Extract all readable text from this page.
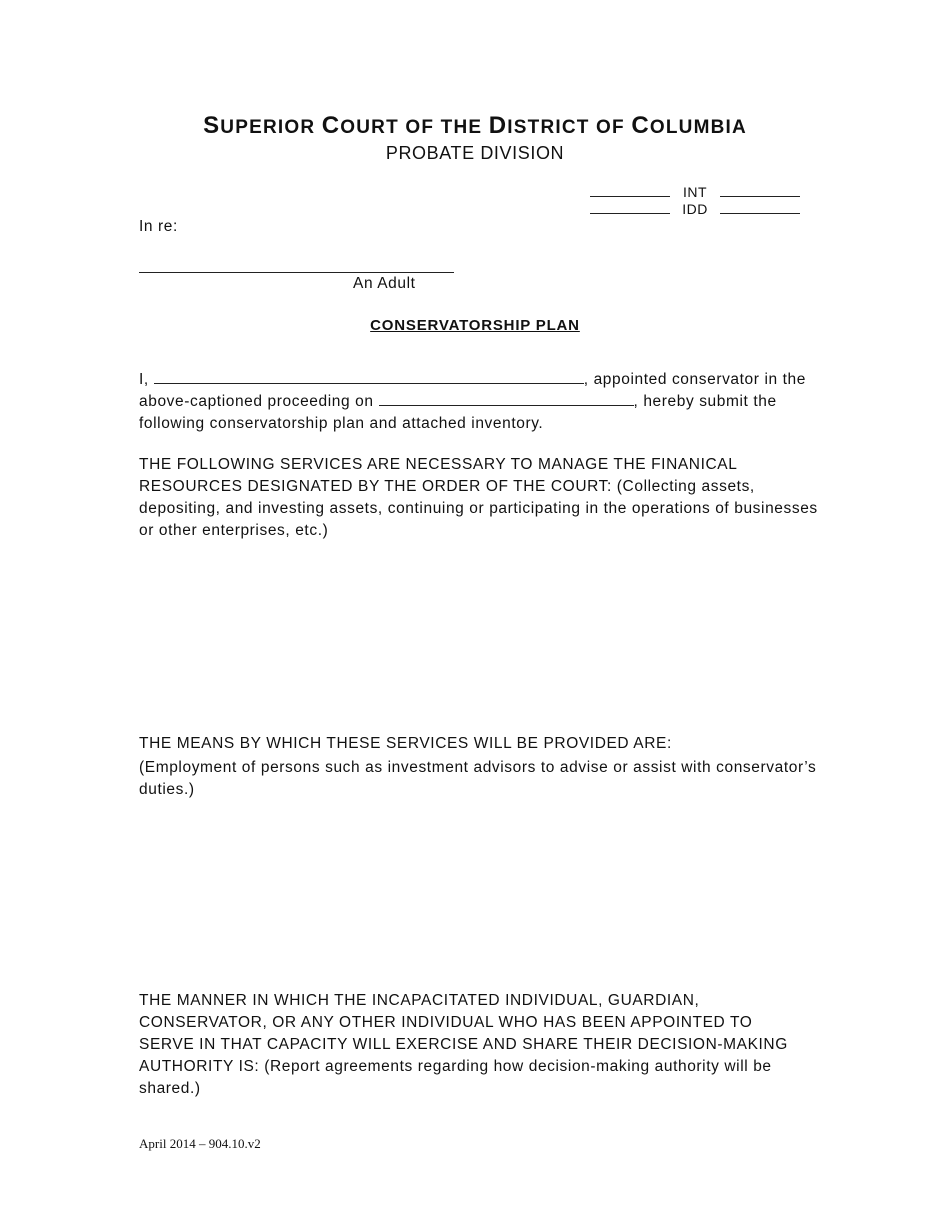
SUPERIOR COURT OF THE DISTRICT OF COLUMBIA
PROBATE DIVISION
INT
IDD
In re:
An Adult
CONSERVATORSHIP PLAN
I,	, appointed conservator in the above-captioned proceeding on	, hereby submit the following conservatorship plan and attached inventory.
THE FOLLOWING SERVICES ARE NECESSARY TO MANAGE THE FINANICAL RESOURCES DESIGNATED BY THE ORDER OF THE COURT: (Collecting assets, depositing, and investing assets, continuing or participating in the operations of businesses or other enterprises, etc.)
THE MEANS BY WHICH THESE SERVICES WILL BE PROVIDED ARE:
(Employment of persons such as investment advisors to advise or assist with conservator’s duties.)
THE MANNER IN WHICH THE INCAPACITATED INDIVIDUAL, GUARDIAN, CONSERVATOR, OR ANY OTHER INDIVIDUAL WHO HAS BEEN APPOINTED TO SERVE IN THAT CAPACITY WILL EXERCISE AND SHARE THEIR DECISION-MAKING AUTHORITY IS: (Report agreements regarding how decision-making authority will be shared.)
April 2014 – 904.10.v2
